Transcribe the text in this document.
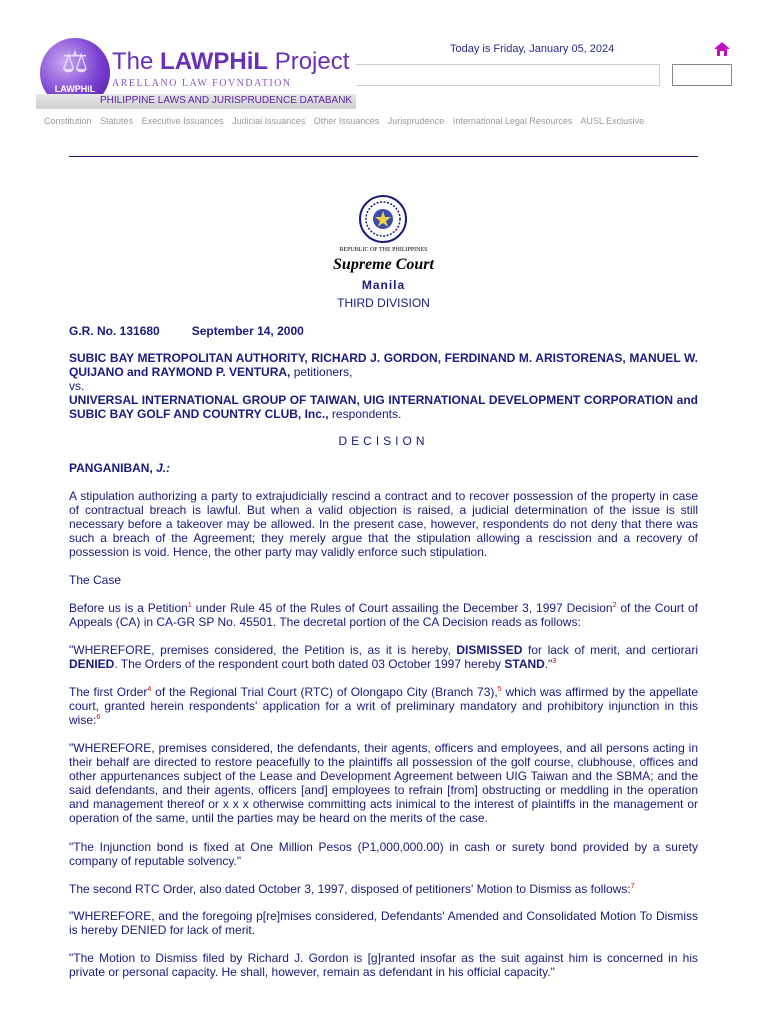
⚖
LAWPHiL
The LAWPHiL Project
ARELLANO LAW FOVNDATION
PHILIPPINE LAWS AND JURISPRUDENCE DATABANK
Today is Friday, January 05, 2024
Constitution Statutes Executive Issuances Judicial Issuances Other Issuances Jurisprudence International Legal Resources AUSL Exclusive
REPUBLIC OF THE PHILIPPINES
Supreme Court
Manila
THIRD DIVISION
G.R. No. 131680	September 14, 2000

SUBIC BAY METROPOLITAN AUTHORITY, RICHARD J. GORDON, FERDINAND M. ARISTORENAS, MANUEL W. QUIJANO and RAYMOND P. VENTURA, petitioners,

vs.

UNIVERSAL INTERNATIONAL GROUP OF TAIWAN, UIG INTERNATIONAL DEVELOPMENT CORPORATION and SUBIC BAY GOLF AND COUNTRY CLUB, Inc., respondents.

DECISION
PANGANIBAN, J.:
A stipulation authorizing a party to extrajudicially rescind a contract and to recover possession of the property in case of contractual breach is lawful. But when a valid objection is raised, a judicial determination of the issue is still necessary before a takeover may be allowed. In the present case, however, respondents do not deny that there was such a breach of the Agreement; they merely argue that the stipulation allowing a rescission and a recovery of possession is void. Hence, the other party may validly enforce such stipulation.
The Case
Before us is a Petition$^1$ under Rule 45 of the Rules of Court assailing the December 3, 1997 Decision$^2$ of the Court of Appeals (CA) in CA-GR SP No. 45501. The decretal portion of the CA Decision reads as follows:
"WHEREFORE, premises considered, the Petition is, as it is hereby, DISMISSED for lack of merit, and certiorari DENIED. The Orders of the respondent court both dated 03 October 1997 hereby STAND."$^3$
The first Order$^4$ of the Regional Trial Court (RTC) of Olongapo City (Branch 73),$^5$ which was affirmed by the appellate court, granted herein respondents' application for a writ of preliminary mandatory and prohibitory injunction in this wise:$^6$
"WHEREFORE, premises considered, the defendants, their agents, officers and employees, and all persons acting in their behalf are directed to restore peacefully to the plaintiffs all possession of the golf course, clubhouse, offices and other appurtenances subject of the Lease and Development Agreement between UIG Taiwan and the SBMA; and the said defendants, and their agents, officers [and] employees to refrain [from] obstructing or meddling in the operation and management thereof or x x x otherwise committing acts inimical to the interest of plaintiffs in the management or operation of the same, until the parties may be heard on the merits of the case.
"The Injunction bond is fixed at One Million Pesos (P1,000,000.00) in cash or surety bond provided by a surety company of reputable solvency."
The second RTC Order, also dated October 3, 1997, disposed of petitioners' Motion to Dismiss as follows:$^7$
"WHEREFORE, and the foregoing p[re]mises considered, Defendants' Amended and Consolidated Motion To Dismiss is hereby DENIED for lack of merit.
"The Motion to Dismiss filed by Richard J. Gordon is [g]ranted insofar as the suit against him is concerned in his private or personal capacity. He shall, however, remain as defendant in his official capacity."
